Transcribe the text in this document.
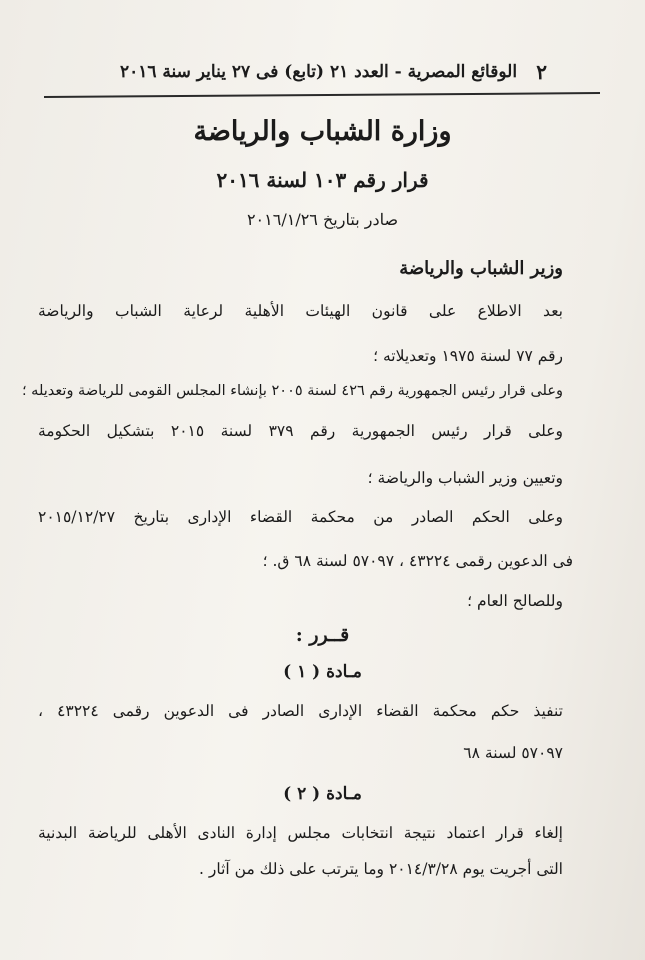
٢
الوقائع المصرية - العدد ٢١ (تابع) فى ٢٧ يناير سنة ٢٠١٦
وزارة الشباب والرياضة
قرار رقم ١٠٣ لسنة ٢٠١٦
صادر بتاريخ ٢٠١٦/١/٢٦
وزير الشباب والرياضة
بعد الاطلاع على قانون الهيئات الأهلية لرعاية الشباب والرياضة
رقم ٧٧ لسنة ١٩٧٥ وتعديلاته ؛
وعلى قرار رئيس الجمهورية رقم ٤٢٦ لسنة ٢٠٠٥ بإنشاء المجلس القومى للرياضة وتعديله ؛
وعلى قرار رئيس الجمهورية رقم ٣٧٩ لسنة ٢٠١٥ بتشكيل الحكومة
وتعيين وزير الشباب والرياضة ؛
وعلى الحكم الصادر من محكمة القضاء الإدارى بتاريخ ٢٠١٥/١٢/٢٧
فى الدعوين رقمى ٤٣٢٢٤ ، ٥٧٠٩٧ لسنة ٦٨ ق. ؛
وللصالح العام ؛
قــرر :
مـادة ( ١ )
تنفيذ حكم محكمة القضاء الإدارى الصادر فى الدعوين رقمى ٤٣٢٢٤ ،
٥٧٠٩٧ لسنة ٦٨
مـادة ( ٢ )
إلغاء قرار اعتماد نتيجة انتخابات مجلس إدارة النادى الأهلى للرياضة البدنية
التى أجريت يوم ٢٠١٤/٣/٢٨ وما يترتب على ذلك من آثار .
